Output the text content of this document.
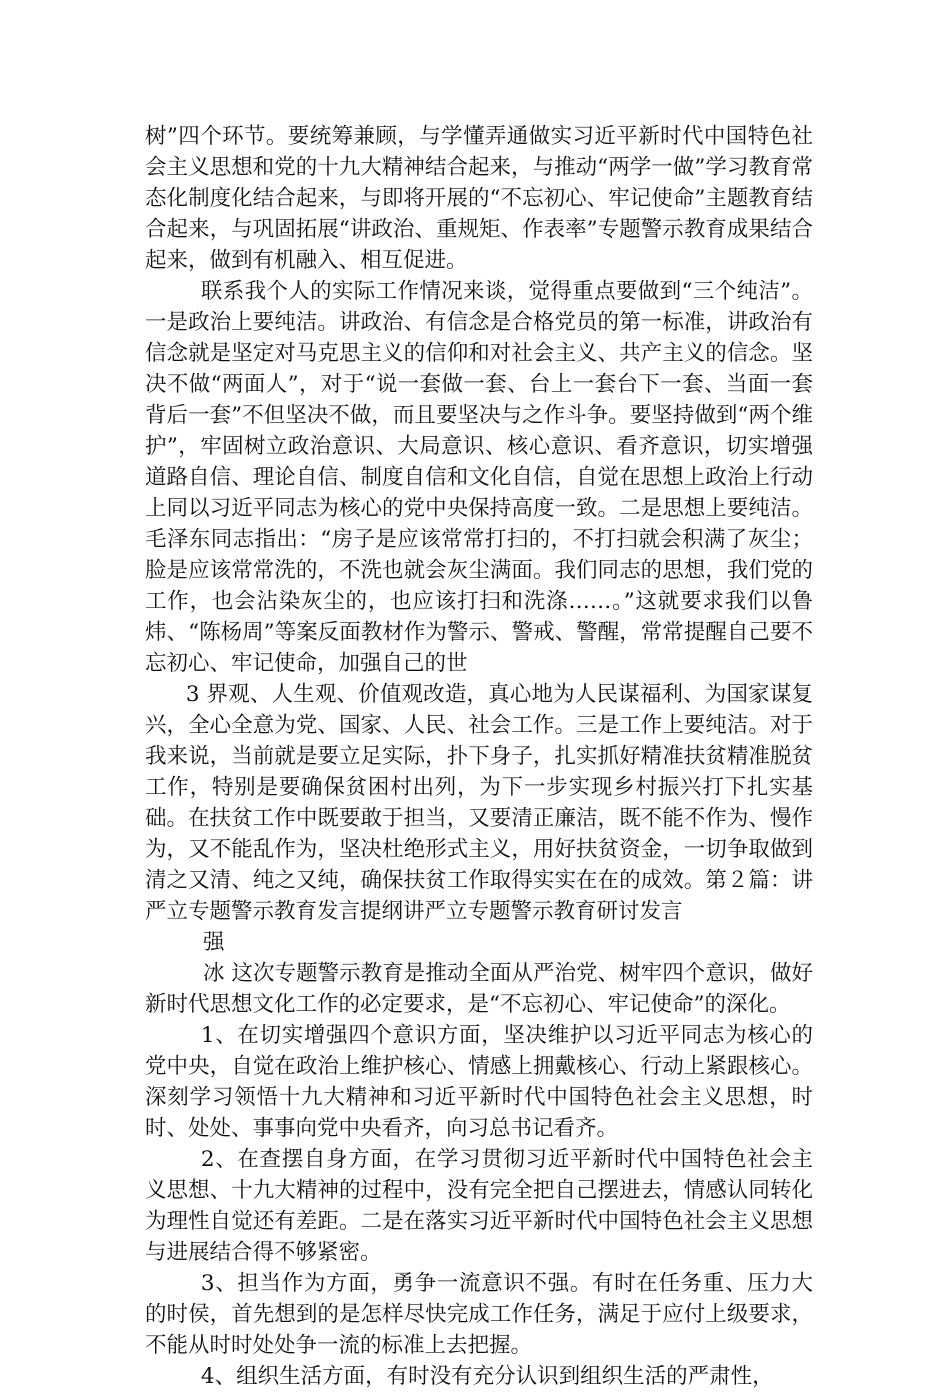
树”四个环节。要统筹兼顾，与学懂弄通做实习近平新时代中国特色社会主义思想和党的十九大精神结合起来，与推动“两学一做”学习教育常态化制度化结合起来，与即将开展的“不忘初心、牢记使命”主题教育结合起来，与巩固拓展“讲政治、重规矩、作表率”专题警示教育成果结合起来，做到有机融入、相互促进。

联系我个人的实际工作情况来谈，觉得重点要做到“三个纯洁”。一是政治上要纯洁。讲政治、有信念是合格党员的第一标准，讲政治有信念就是坚定对马克思主义的信仰和对社会主义、共产主义的信念。坚决不做“两面人”，对于“说一套做一套、台上一套台下一套、当面一套背后一套”不但坚决不做，而且要坚决与之作斗争。要坚持做到“两个维护”，牢固树立政治意识、大局意识、核心意识、看齐意识，切实增强道路自信、理论自信、制度自信和文化自信，自觉在思想上政治上行动上同以习近平同志为核心的党中央保持高度一致。二是思想上要纯洁。毛泽东同志指出：“房子是应该常常打扫的，不打扫就会积满了灰尘；脸是应该常常洗的，不洗也就会灰尘满面。我们同志的思想，我们党的工作，也会沾染灰尘的，也应该打扫和洗涤……。”这就要求我们以鲁炜、“陈杨周”等案反面教材作为警示、警戒、警醒，常常提醒自己要不忘初心、牢记使命，加强自己的世

3 界观、人生观、价值观改造，真心地为人民谋福利、为国家谋复兴，全心全意为党、国家、人民、社会工作。三是工作上要纯洁。对于我来说，当前就是要立足实际，扑下身子，扎实抓好精准扶贫精准脱贫工作，特别是要确保贫困村出列，为下一步实现乡村振兴打下扎实基础。在扶贫工作中既要敢于担当，又要清正廉洁，既不能不作为、慢作为，又不能乱作为，坚决杜绝形式主义，用好扶贫资金，一切争取做到清之又清、纯之又纯，确保扶贫工作取得实实在在的成效。第２篇：讲严立专题警示教育发言提纲讲严立专题警示教育研讨发言

强

冰 这次专题警示教育是推动全面从严治党、树牢四个意识，做好新时代思想文化工作的必定要求，是“不忘初心、牢记使命”的深化。

1、在切实增强四个意识方面，坚决维护以习近平同志为核心的党中央，自觉在政治上维护核心、情感上拥戴核心、行动上紧跟核心。深刻学习领悟十九大精神和习近平新时代中国特色社会主义思想，时时、处处、事事向党中央看齐，向习总书记看齐。

2、在查摆自身方面，在学习贯彻习近平新时代中国特色社会主义思想、十九大精神的过程中，没有完全把自己摆进去，情感认同转化为理性自觉还有差距。二是在落实习近平新时代中国特色社会主义思想与进展结合得不够紧密。

3、担当作为方面，勇争一流意识不强。有时在任务重、压力大的时侯，首先想到的是怎样尽快完成工作任务，满足于应付上级要求，不能从时时处处争一流的标准上去把握。

4、组织生活方面，有时没有充分认识到组织生活的严肃性，
